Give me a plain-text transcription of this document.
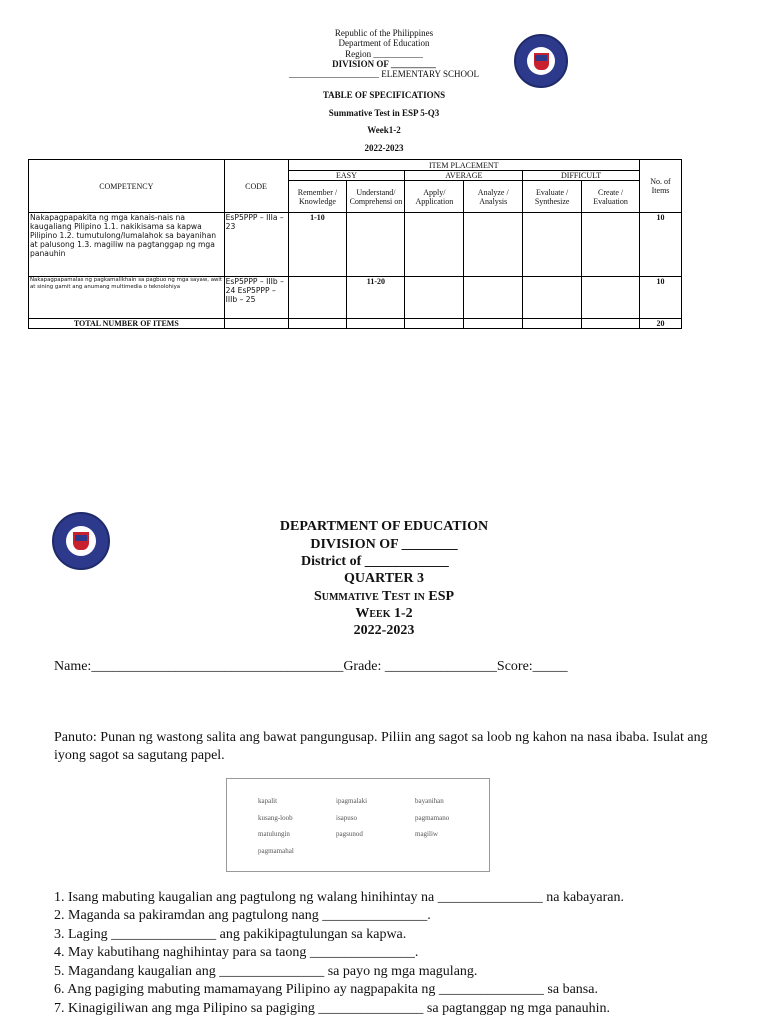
Republic of the Philippines
Department of Education
Region ___________
DIVISION OF __________
____________________ ELEMENTARY SCHOOL
TABLE OF SPECIFICATIONS
Summative Test in ESP 5-Q3
Week1-2
2022-2023
COMPETENCY	CODE	ITEM PLACEMENT						No. of Items
		EASY		AVERAGE		DIFFICULT		
		Remember / Knowledge	Understand/ Comprehensi on	Apply/ Application	Analyze / Analysis	Evaluate / Synthesize	Create / Evaluation	
Nakapagpapakita ng mga kanais-nais na kaugaliang Pilipino 1.1. nakikisama sa kapwa Pilipino 1.2. tumutulong/lumalahok sa bayanihan at palusong 1.3. magiliw na pagtanggap ng mga panauhin	EsP5PPP – IIIa – 23	1-10						10
Nakapagpapamalas ng pagkamalikhain sa pagbuo ng mga sayaw, awit at sining gamit ang anumang multimedia o teknolohiya	EsP5PPP – IIIb – 24 EsP5PPP – IIIb – 25		11-20					10
TOTAL NUMBER OF ITEMS								20
DEPARTMENT OF EDUCATION
DIVISION OF ________
District of ____________
QUARTER 3
Summative Test in ESP
Week 1-2
2022-2023
Name:____________________________________Grade: ________________Score:_____
Panuto: Punan ng wastong salita ang bawat pangungusap. Piliin ang sagot sa loob ng kahon na nasa ibaba. Isulat ang iyong sagot sa sagutang papel.
kapalit	ipagmalaki	bayanihan
kusang-loob	isapuso	pagmamano
matulungin	pagsunod	magiliw
pagmamahal
1. Isang mabuting kaugalian ang pagtulong ng walang hinihintay na _______________ na kabayaran.
2. Maganda sa pakiramdan ang pagtulong nang _______________.
3. Laging _______________ ang pakikipagtulungan sa kapwa.
4. May kabutihang naghihintay para sa taong _______________.
5. Magandang kaugalian ang _______________ sa payo ng mga magulang.
6. Ang pagiging mabuting mamamayang Pilipino ay nagpapakita ng _______________ sa bansa.
7. Kinagigiliwan ang mga Pilipino sa pagiging _______________ sa pagtanggap ng mga panauhin.
